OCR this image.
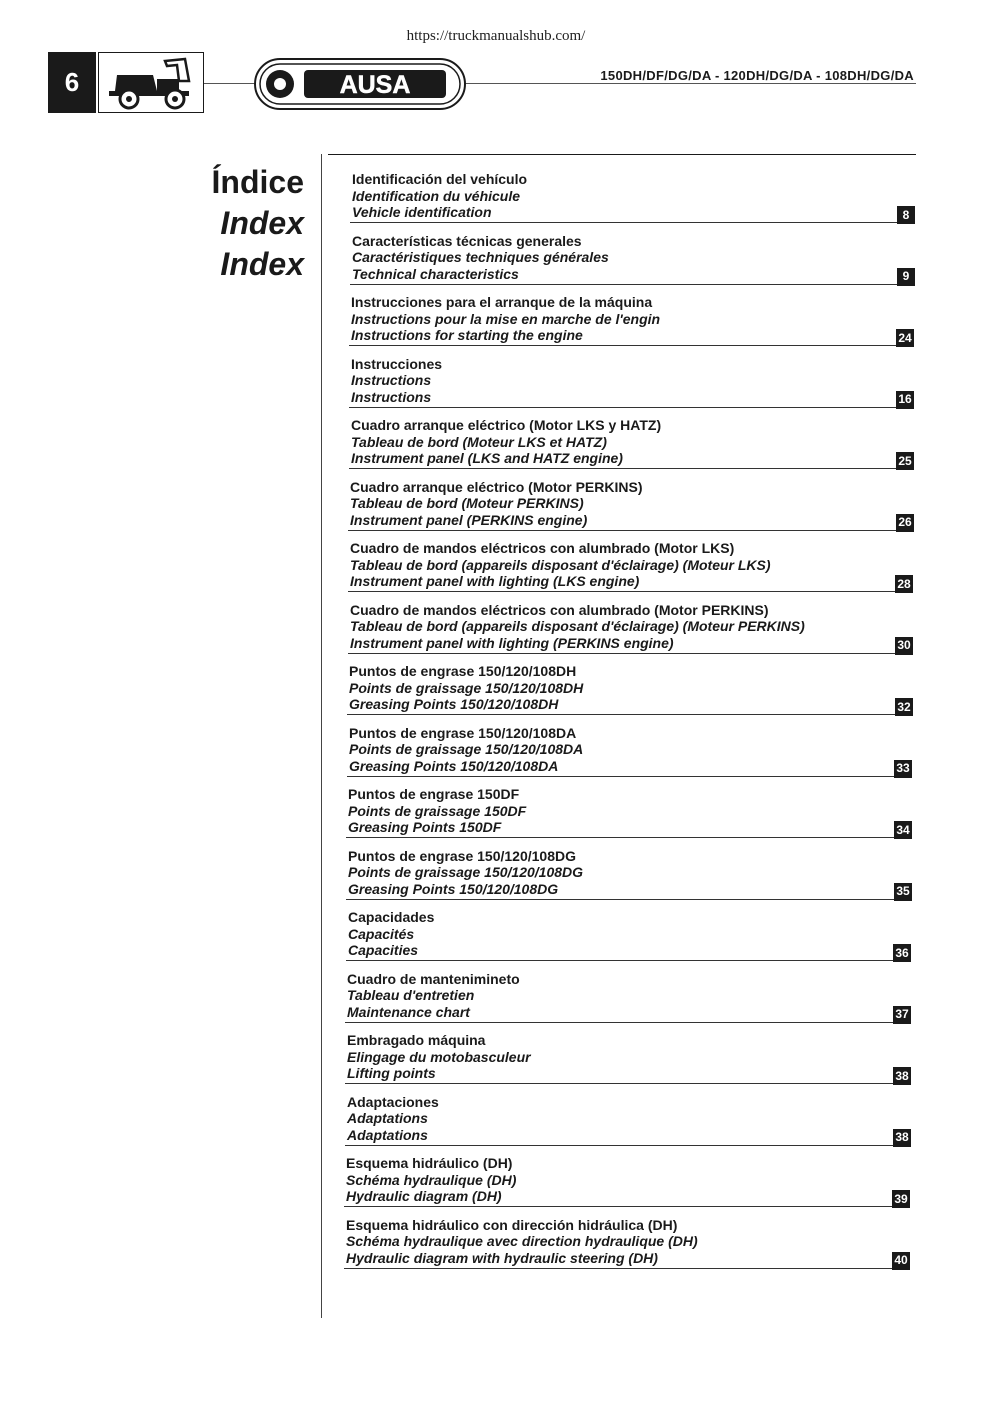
https://truckmanualshub.com/
6	AUSA	150DH/DF/DG/DA - 120DH/DG/DA - 108DH/DG/DA
Índice
Index
Index
Identificación del vehículo
Identification du véhicule
Vehicle identification	8
Características técnicas generales
Caractéristiques techniques générales
Technical characteristics	9
Instrucciones para el arranque de la máquina
Instructions pour la mise en marche de l'engin
Instructions for starting the engine	24
Instrucciones
Instructions
Instructions	16
Cuadro arranque eléctrico (Motor LKS y HATZ)
Tableau de bord (Moteur LKS et HATZ)
Instrument panel (LKS and HATZ engine)	25
Cuadro arranque eléctrico (Motor PERKINS)
Tableau de bord (Moteur PERKINS)
Instrument panel (PERKINS engine)	26
Cuadro de mandos eléctricos con alumbrado (Motor LKS)
Tableau de bord (appareils disposant d'éclairage) (Moteur LKS)
Instrument panel with lighting (LKS engine)	28
Cuadro de mandos eléctricos con alumbrado (Motor PERKINS)
Tableau de bord (appareils disposant d'éclairage) (Moteur PERKINS)
Instrument panel with lighting (PERKINS engine)	30
Puntos de engrase 150/120/108DH
Points de graissage 150/120/108DH
Greasing Points 150/120/108DH	32
Puntos de engrase 150/120/108DA
Points de graissage 150/120/108DA
Greasing Points 150/120/108DA	33
Puntos de engrase 150DF
Points de graissage 150DF
Greasing Points 150DF	34
Puntos de engrase 150/120/108DG
Points de graissage 150/120/108DG
Greasing Points 150/120/108DG	35
Capacidades
Capacités
Capacities	36
Cuadro de mantenimineto
Tableau d'entretien
Maintenance chart	37
Embragado máquina
Elingage du motobasculeur
Lifting points	38
Adaptaciones
Adaptations
Adaptations	38
Esquema hidráulico (DH)
Schéma hydraulique (DH)
Hydraulic diagram (DH)	39
Esquema hidráulico con dirección hidráulica (DH)
Schéma hydraulique avec direction hydraulique (DH)
Hydraulic diagram with hydraulic steering (DH)	40
